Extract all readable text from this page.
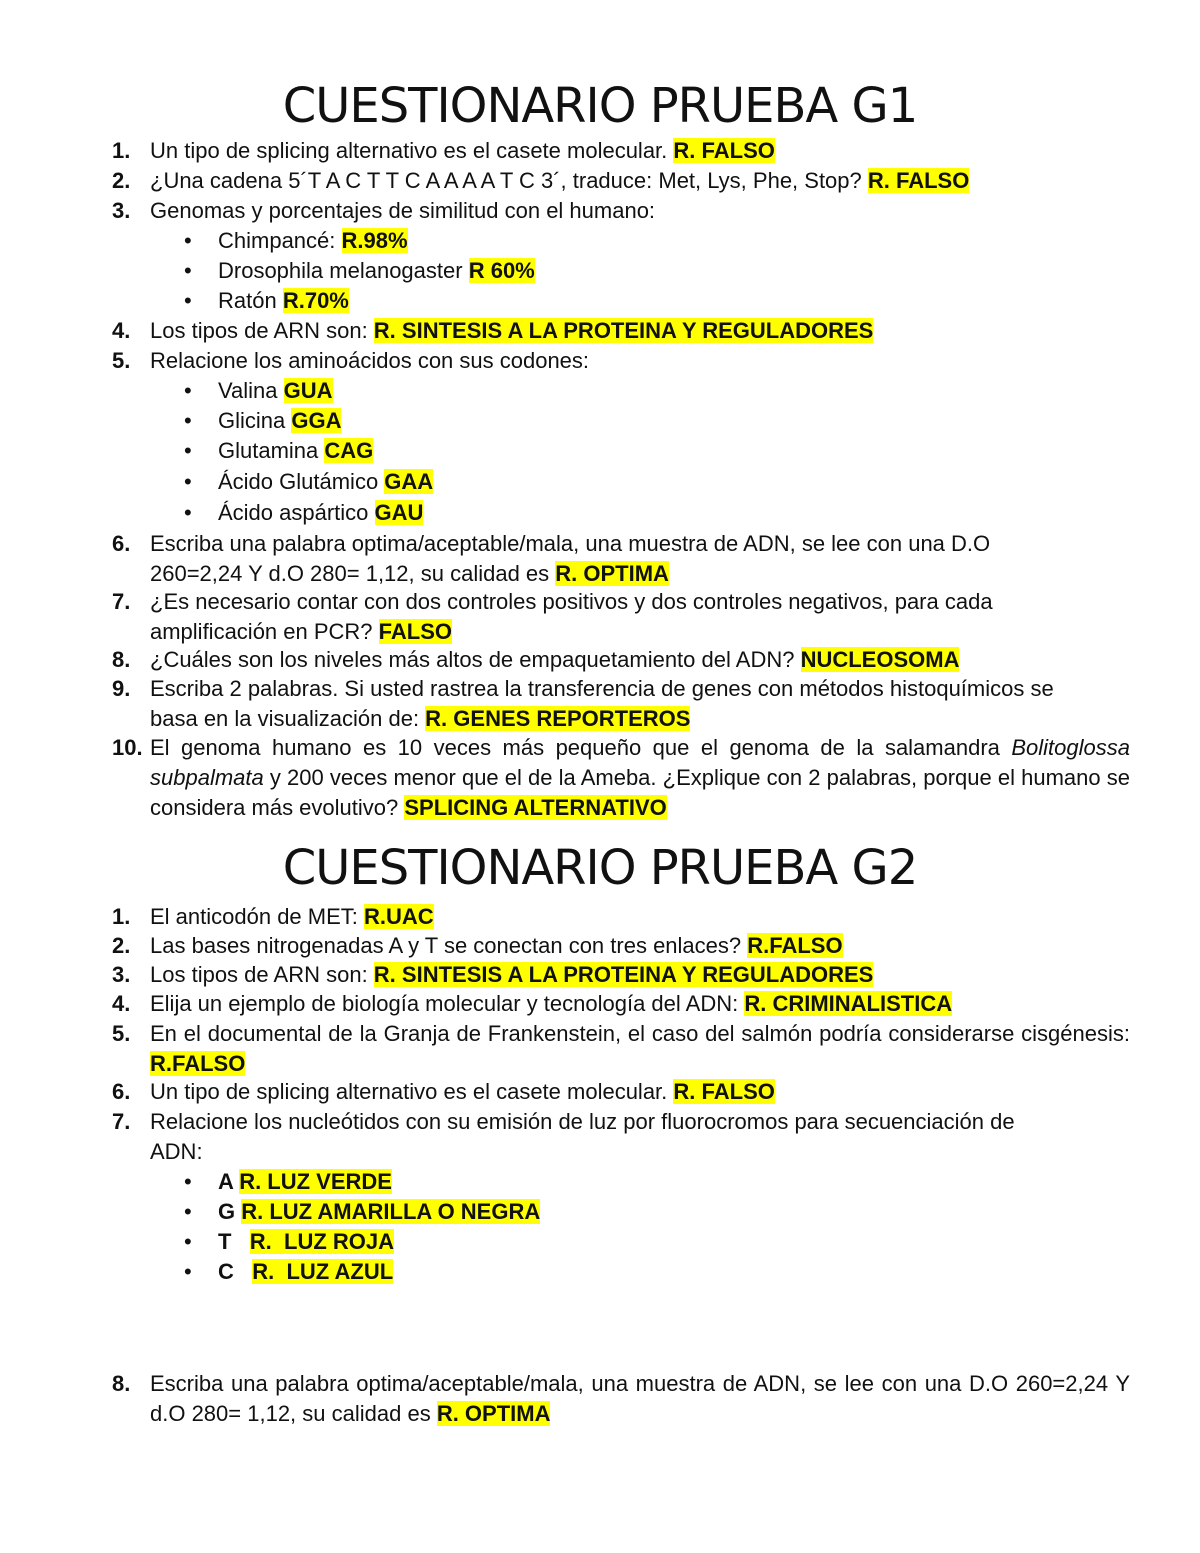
CUESTIONARIO PRUEBA G1
1. Un tipo de splicing alternativo es el casete molecular. R. FALSO
2. ¿Una cadena 5´T A C T T C A A A A T C 3´, traduce: Met, Lys, Phe, Stop? R. FALSO
3. Genomas y porcentajes de similitud con el humano:
• Chimpancé: R.98%
• Drosophila melanogaster R 60%
• Ratón R.70%
4. Los tipos de ARN son: R. SINTESIS A LA PROTEINA Y REGULADORES
5. Relacione los aminoácidos con sus codones:
• Valina GUA
• Glicina GGA
• Glutamina CAG
• Ácido Glutámico GAA
• Ácido aspártico GAU
6. Escriba una palabra optima/aceptable/mala, una muestra de ADN, se lee con una D.O
260=2,24 Y d.O 280= 1,12, su calidad es R. OPTIMA
7. ¿Es necesario contar con dos controles positivos y dos controles negativos, para cada
amplificación en PCR? FALSO
8. ¿Cuáles son los niveles más altos de empaquetamiento del ADN? NUCLEOSOMA
9. Escriba 2 palabras. Si usted rastrea la transferencia de genes con métodos histoquímicos se
basa en la visualización de: R. GENES REPORTEROS
10. El genoma humano es 10 veces más pequeño que el genoma de la salamandra Bolitoglossa subpalmata y 200 veces menor que el de la Ameba. ¿Explique con 2 palabras, porque el humano se considera más evolutivo? SPLICING ALTERNATIVO
CUESTIONARIO PRUEBA G2
1. El anticodón de MET: R.UAC
2. Las bases nitrogenadas A y T se conectan con tres enlaces? R.FALSO
3. Los tipos de ARN son: R. SINTESIS A LA PROTEINA Y REGULADORES
4. Elija un ejemplo de biología molecular y tecnología del ADN: R. CRIMINALISTICA
5. En el documental de la Granja de Frankenstein, el caso del salmón podría considerarse cisgénesis: R.FALSO
6. Un tipo de splicing alternativo es el casete molecular. R. FALSO
7. Relacione los nucleótidos con su emisión de luz por fluorocromos para secuenciación de
ADN:
• A R. LUZ VERDE
• G R. LUZ AMARILLA O NEGRA
• T   R.  LUZ ROJA
• C   R.  LUZ AZUL
8. Escriba una palabra optima/aceptable/mala, una muestra de ADN, se lee con una D.O 260=2,24 Y d.O 280= 1,12, su calidad es R. OPTIMA
